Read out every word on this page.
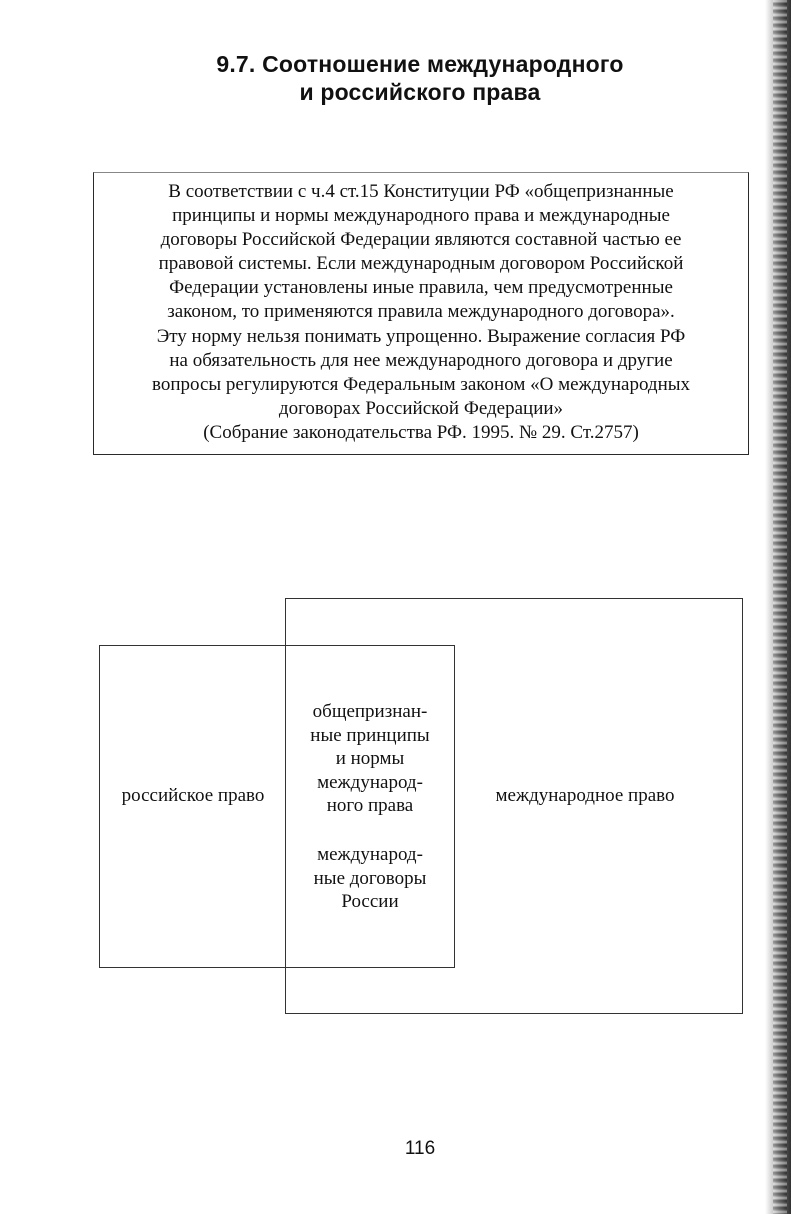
9.7. Соотношение международного
и российского права
В соответствии с ч.4 ст.15 Конституции РФ «общепризнанные
принципы и нормы международного права и международные
договоры Российской Федерации являются составной частью ее
правовой системы. Если международным договором Российской
Федерации установлены иные правила, чем предусмотренные
законом, то применяются правила международного договора».
Эту норму нельзя понимать упрощенно. Выражение согласия РФ
на обязательность для нее международного договора и другие
вопросы регулируются Федеральным законом «О международных
договорах Российской Федерации»
(Собрание законодательства РФ. 1995. № 29. Ст.2757)
российское право	международное право
общепризнан-
ные принципы
и нормы
международ-
ного права
международ-
ные договоры
России
116
